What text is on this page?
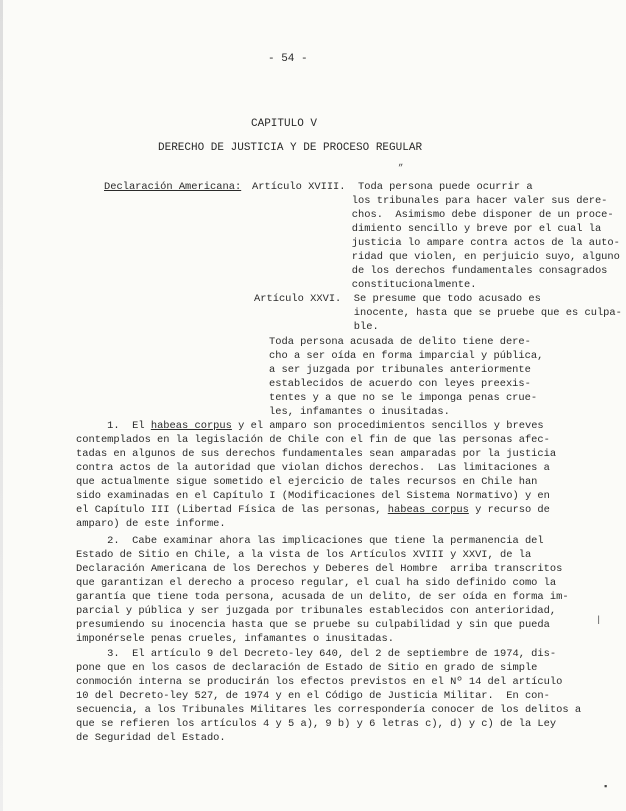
- 54 -

CAPITULO V

DERECHO DE JUSTICIA Y DE PROCESO REGULAR

„

Declaración Americana: Artículo XVIII.  Toda persona puede ocurrir a
los tribunales para hacer valer sus dere-
chos.  Asimismo debe disponer de un proce-
dimiento sencillo y breve por el cual la
justicia lo ampare contra actos de la auto-
ridad que violen, en perjuicio suyo, alguno
de los derechos fundamentales consagrados
constitucionalmente.

Artículo XXVI.  Se presume que todo acusado es
inocente, hasta que se pruebe que es culpa-
ble.

Toda persona acusada de delito tiene dere-
cho a ser oída en forma imparcial y pública,
a ser juzgada por tribunales anteriormente
establecidos de acuerdo con leyes preexis-
tentes y a que no se le imponga penas crue-
les, infamantes o inusitadas.

1.  El habeas corpus y el amparo son procedimientos sencillos y breves
contemplados en la legislación de Chile con el fin de que las personas afec-
tadas en algunos de sus derechos fundamentales sean amparadas por la justicia
contra actos de la autoridad que violan dichos derechos.  Las limitaciones a
que actualmente sigue sometido el ejercicio de tales recursos en Chile han
sido examinadas en el Capítulo I (Modificaciones del Sistema Normativo) y en
el Capítulo III (Libertad Física de las personas, habeas corpus y recurso de
amparo) de este informe.

2.  Cabe examinar ahora las implicaciones que tiene la permanencia del
Estado de Sitio en Chile, a la vista de los Artículos XVIII y XXVI, de la
Declaración Americana de los Derechos y Deberes del Hombre  arriba transcritos
que garantizan el derecho a proceso regular, el cual ha sido definido como la
garantía que tiene toda persona, acusada de un delito, de ser oída en forma im-
parcial y pública y ser juzgada por tribunales establecidos con anterioridad,
presumiendo su inocencia hasta que se pruebe su culpabilidad y sin que pueda
imponérsele penas crueles, infamantes o inusitadas.

|

3.  El artículo 9 del Decreto-ley 640, del 2 de septiembre de 1974, dis-
pone que en los casos de declaración de Estado de Sitio en grado de simple
conmoción interna se producirán los efectos previstos en el Nº 14 del artículo
10 del Decreto-ley 527, de 1974 y en el Código de Justicia Militar.  En con-
secuencia, a los Tribunales Militares les correspondería conocer de los delitos a
que se refieren los artículos 4 y 5 a), 9 b) y 6 letras c), d) y c) de la Ley
de Seguridad del Estado.

▪
